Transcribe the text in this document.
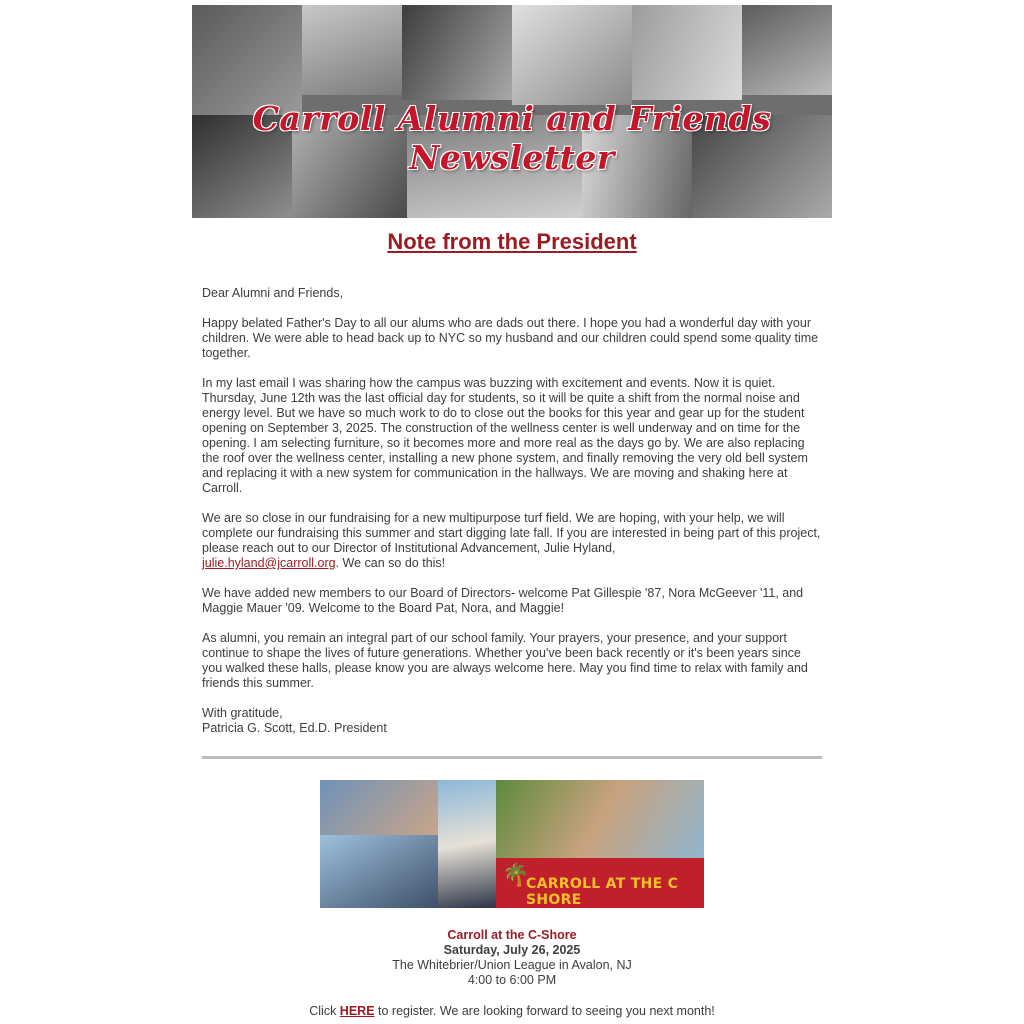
Carroll Alumni and Friends Newsletter
Note from the President

Dear Alumni and Friends,

Happy belated Father's Day to all our alums who are dads out there. I hope you had a wonderful day with your children. We were able to head back up to NYC so my husband and our children could spend some quality time together.

In my last email I was sharing how the campus was buzzing with excitement and events. Now it is quiet. Thursday, June 12th was the last official day for students, so it will be quite a shift from the normal noise and energy level. But we have so much work to do to close out the books for this year and gear up for the student opening on September 3, 2025. The construction of the wellness center is well underway and on time for the opening. I am selecting furniture, so it becomes more and more real as the days go by. We are also replacing the roof over the wellness center, installing a new phone system, and finally removing the very old bell system and replacing it with a new system for communication in the hallways. We are moving and shaking here at Carroll.

We are so close in our fundraising for a new multipurpose turf field. We are hoping, with your help, we will complete our fundraising this summer and start digging late fall. If you are interested in being part of this project, please reach out to our Director of Institutional Advancement, Julie Hyland,
julie.hyland@jcarroll.org. We can so do this!

We have added new members to our Board of Directors- welcome Pat Gillespie '87, Nora McGeever '11, and Maggie Mauer '09. Welcome to the Board Pat, Nora, and Maggie!

As alumni, you remain an integral part of our school family. Your prayers, your presence, and your support continue to shape the lives of future generations. Whether you've been back recently or it's been years since you walked these halls, please know you are always welcome here. May you find time to relax with family and friends this summer.

With gratitude,
Patricia G. Scott, Ed.D. President

🌴
CARROLL AT THE C SHORE
Carroll at the C-Shore
Saturday, July 26, 2025
The Whitebrier/Union League in Avalon, NJ
4:00 to 6:00 PM
Click HERE to register. We are looking forward to seeing you next month!
